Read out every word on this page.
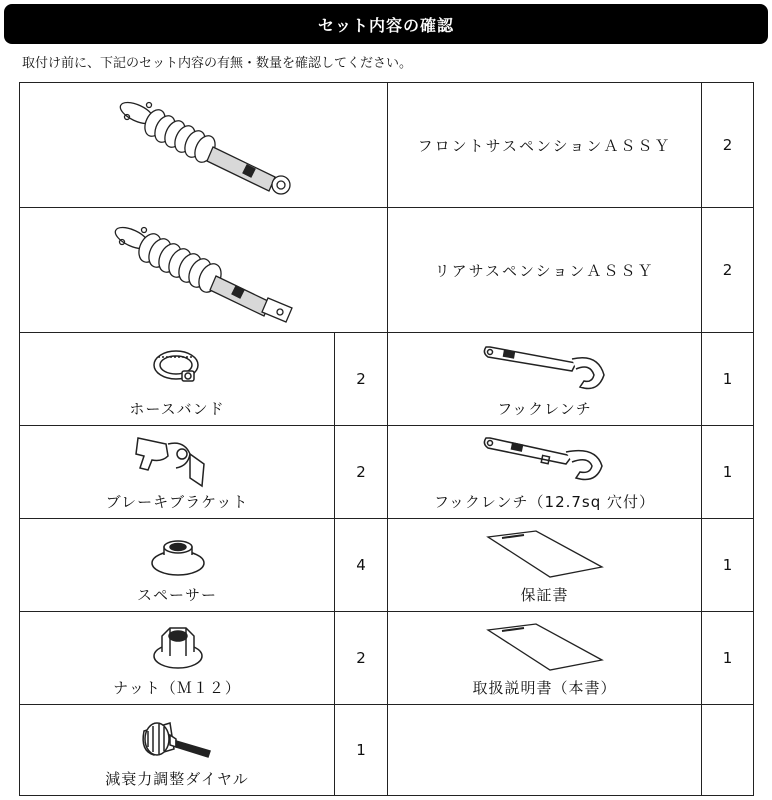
セット内容の確認
取付け前に、下記のセット内容の有無・数量を確認してください。
フロントサスペンションＡＳＳＹ	2
リアサスペンションＡＳＳＹ	2
ホースバンド
2
フックレンチ
1
ブレーキブラケット
2
フックレンチ（12.7sq 穴付）
1
スペーサー
4
保証書
1
ナット（Ｍ１２）
2
取扱説明書（本書）
1
減衰力調整ダイヤル
1
